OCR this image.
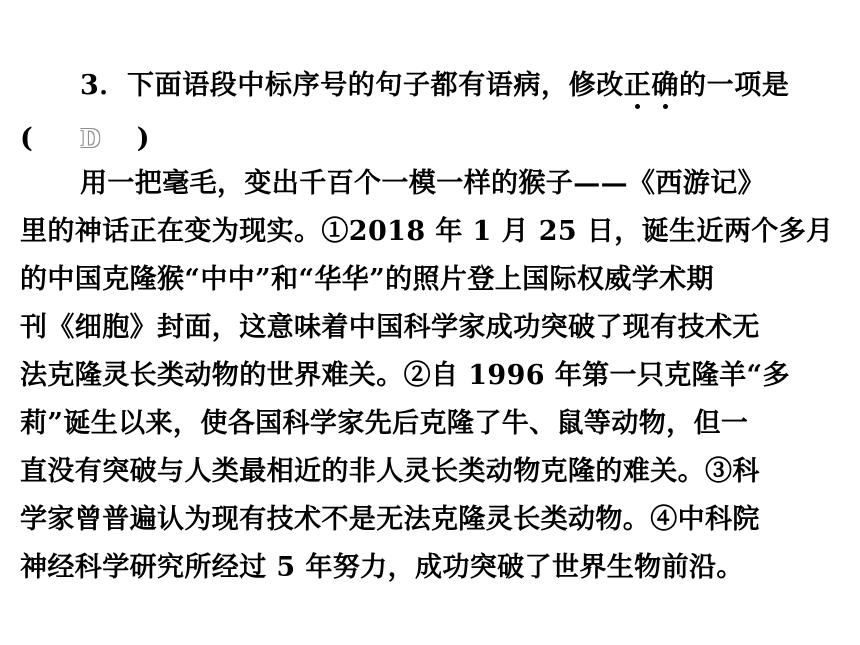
3．下面语段中标序号的句子都有语病，修改正
确
的一项是
( D )
用一把毫毛，变出千百个一模一样的猴子——《西游记》
里的神话正在变为现实。①2018 年 1 月 25 日，诞生近两个多月
的中国克隆猴“中中”和“华华”的照片登上国际权威学术期
刊《细胞》封面，这意味着中国科学家成功突破了现有技术无
法克隆灵长类动物的世界难关。②自 1996 年第一只克隆羊“多
莉”诞生以来，使各国科学家先后克隆了牛、鼠等动物，但一
直没有突破与人类最相近的非人灵长类动物克隆的难关。③科
学家曾普遍认为现有技术不是无法克隆灵长类动物。④中科院
神经科学研究所经过 5 年努力，成功突破了世界生物前沿。
